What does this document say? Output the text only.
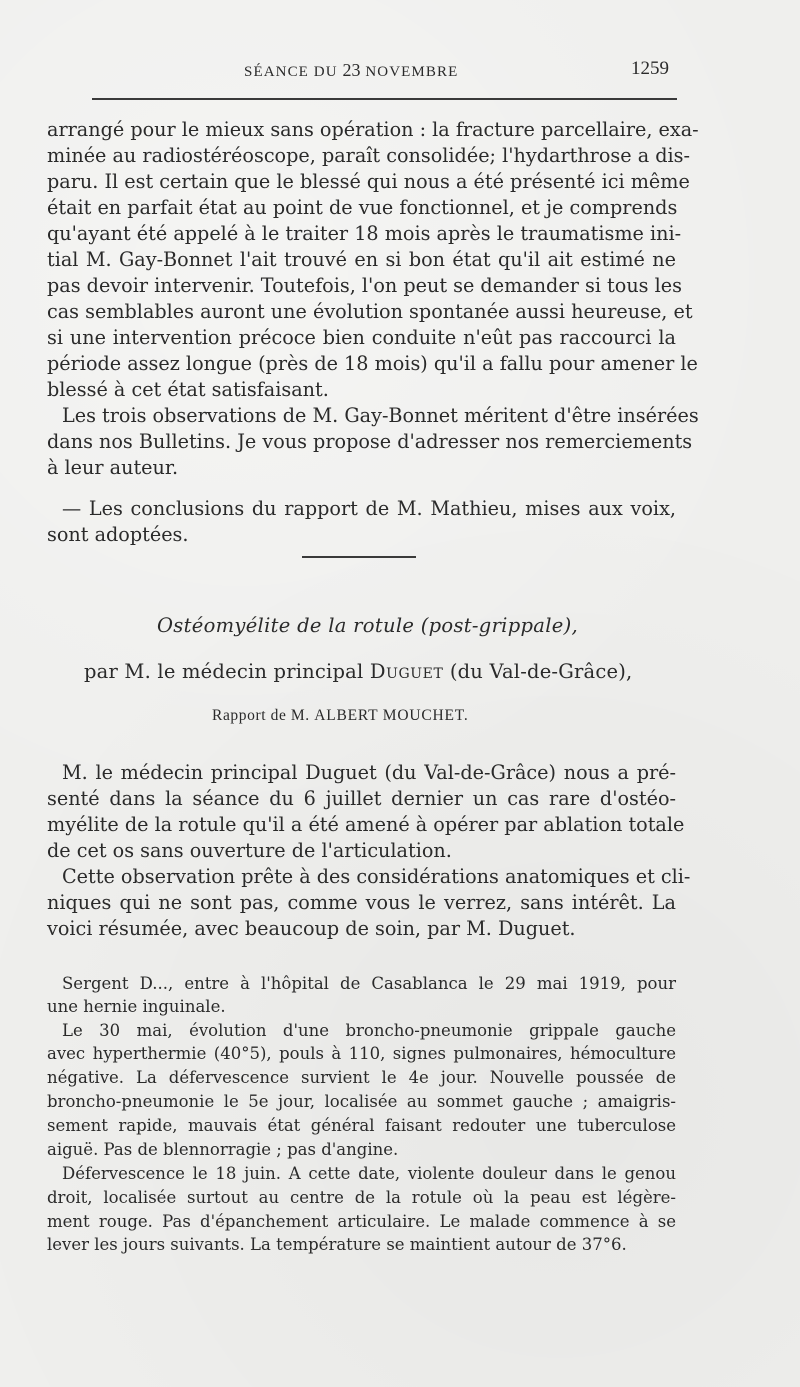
SÉANCE DU 23 NOVEMBRE	1259
arrangé pour le mieux sans opération : la fracture parcellaire, exa-
minée au radiostéréoscope, paraît consolidée; l'hydarthrose a dis-
paru. Il est certain que le blessé qui nous a été présenté ici même
était en parfait état au point de vue fonctionnel, et je comprends
qu'ayant été appelé à le traiter 18 mois après le traumatisme ini-
tial M. Gay-Bonnet l'ait trouvé en si bon état qu'il ait estimé ne
pas devoir intervenir. Toutefois, l'on peut se demander si tous les
cas semblables auront une évolution spontanée aussi heureuse, et
si une intervention précoce bien conduite n'eût pas raccourci la
période assez longue (près de 18 mois) qu'il a fallu pour amener le
blessé à cet état satisfaisant.
Les trois observations de M. Gay-Bonnet méritent d'être insérées
dans nos Bulletins. Je vous propose d'adresser nos remerciements
à leur auteur.
— Les conclusions du rapport de M. Mathieu, mises aux voix,
sont adoptées.
Ostéomyélite de la rotule (post-grippale),
par M. le médecin principal Duguet (du Val-de-Grâce),
Rapport de M. ALBERT MOUCHET.
M. le médecin principal Duguet (du Val-de-Grâce) nous a pré-
senté dans la séance du 6 juillet dernier un cas rare d'ostéo-
myélite de la rotule qu'il a été amené à opérer par ablation totale
de cet os sans ouverture de l'articulation.
Cette observation prête à des considérations anatomiques et cli-
niques qui ne sont pas, comme vous le verrez, sans intérêt. La
voici résumée, avec beaucoup de soin, par M. Duguet.
Sergent D..., entre à l'hôpital de Casablanca le 29 mai 1919, pour
une hernie inguinale.
Le 30 mai, évolution d'une broncho-pneumonie grippale gauche
avec hyperthermie (40°5), pouls à 110, signes pulmonaires, hémoculture
négative. La défervescence survient le 4e jour. Nouvelle poussée de
broncho-pneumonie le 5e jour, localisée au sommet gauche ; amaigris-
sement rapide, mauvais état général faisant redouter une tuberculose
aiguë. Pas de blennorragie ; pas d'angine.
Défervescence le 18 juin. A cette date, violente douleur dans le genou
droit, localisée surtout au centre de la rotule où la peau est légère-
ment rouge. Pas d'épanchement articulaire. Le malade commence à se
lever les jours suivants. La température se maintient autour de 37°6.
